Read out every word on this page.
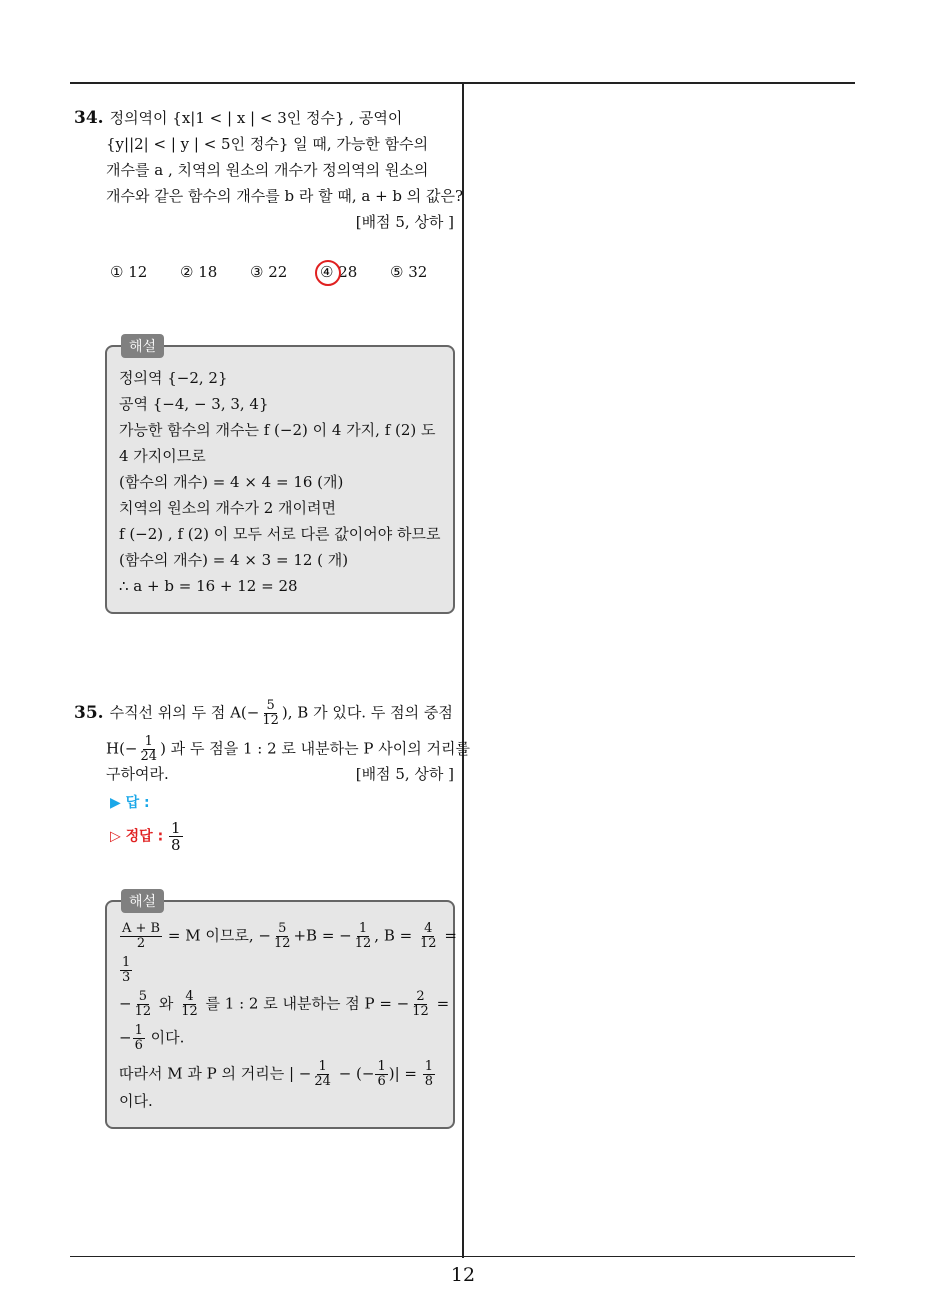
34. 정의역이 {x|1 < | x | < 3인 정수} , 공역이
{y||2| < | y | < 5인 정수} 일 때, 가능한 함수의
개수를 a , 치역의 원소의 개수가 정의역의 원소의
개수와 같은 함수의 개수를 b 라 할 때, a + b 의 값은?
[배점 5, 상하 ]
① 12 ② 18 ③ 22 ④ 28 ⑤ 32
해설
정의역 {−2, 2}
공역 {−4, − 3, 3, 4}
가능한 함수의 개수는 f (−2) 이 4 가지, f (2) 도
4 가지이므로
(함수의 개수) = 4 × 4 = 16 (개)
치역의 원소의 개수가 2 개이려면
f (−2) , f (2) 이 모두 서로 다른 값이어야 하므로
(함수의 개수) = 4 × 3 = 12 ( 개)
∴ a + b = 16 + 12 = 28
35. 수직선 위의 두 점 $A(- \frac{5}{12}$ ), B 가 있다. 두 점의 중점
$H(- \frac{1}{24}$ ) 과 두 점을 1 : 2 로 내분하는 P 사이의 거리를
구하여라.	[배점 5, 상하 ]
▶ 답 :
▷ 정답 : $\frac{1}{8}$
해설
$\frac{A + B}{2} = M$ 이므로, − $\frac{5}{12} +B$ = − $\frac{1}{12}$ , $B = \frac{4}{12}$ =
$\frac{1}{3}$
− $\frac{5}{12}$ 와 $\frac{4}{12}$ 를 1 : 2 로 내분하는 점 P = − $\frac{2}{12}$ =
− $\frac{1}{6}$ 이다.
따라서 M 과 P 의 거리는 | − $\frac{1}{24}$ − (− $\frac{1}{6}$ )| = $\frac{1}{8}$
이다.
12
